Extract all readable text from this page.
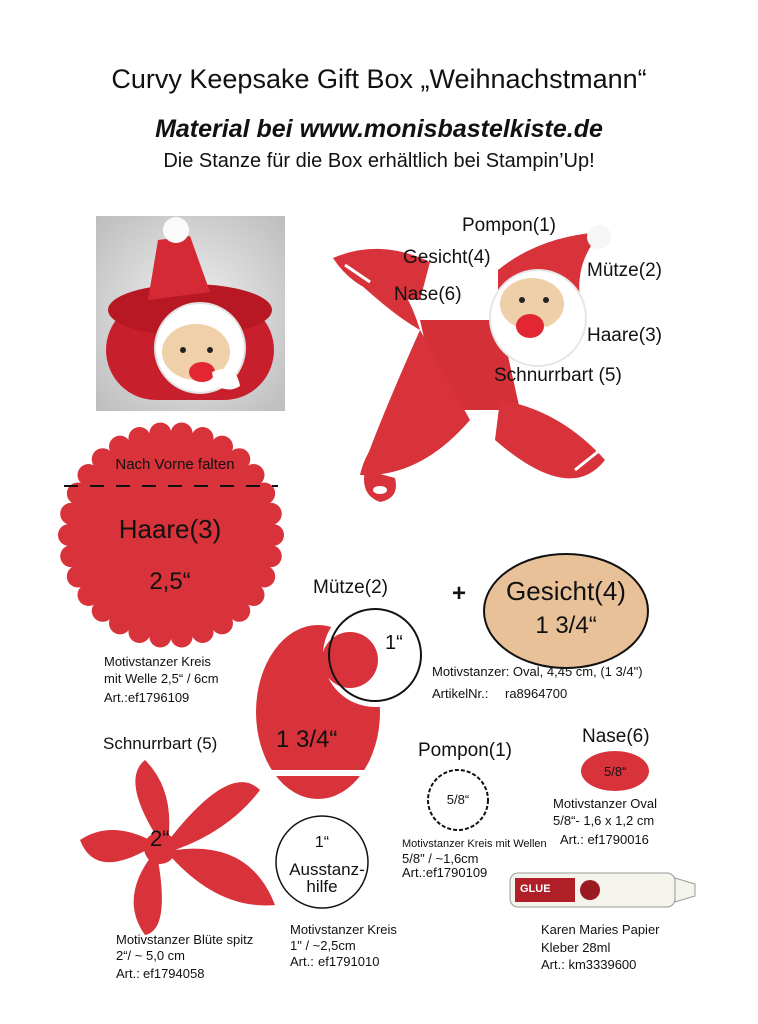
Curvy Keepsake Gift Box „Weihnachstmann“
Material bei www.monisbastelkiste.de
Die Stanze für die Box erhältlich bei Stampin’Up!
Pompon(1)
Gesicht(4)
Mütze(2)
Nase(6)
Haare(3)
Schnurrbart (5)
Nach Vorne falten
Haare(3)
2,5“
Motivstanzer Kreis
mit Welle 2,5“ / 6cm
Art.:ef1796109
Mütze(2)
1“
1 3/4“
+	Gesicht(4)
1 3/4“
Motivstanzer: Oval, 4,45 cm, (1 3/4")
ArtikelNr.: ra8964700
Nase(6)
5/8“
Motivstanzer Oval
5/8“- 1,6 x 1,2 cm
Art.: ef1790016
Pompon(1)
5/8“
Motivstanzer Kreis mit Wellen
5/8" / ~1,6cm
Art.:ef1790109
Schnurrbart (5)
2“
Motivstanzer Blüte spitz
2“/ ~ 5,0 cm
Art.: ef1794058
1“
Ausstanz-
hilfe
Motivstanzer Kreis
1" / ~2,5cm
Art.: ef1791010
GLUE
Karen Maries Papier
Kleber 28ml
Art.: km3339600
